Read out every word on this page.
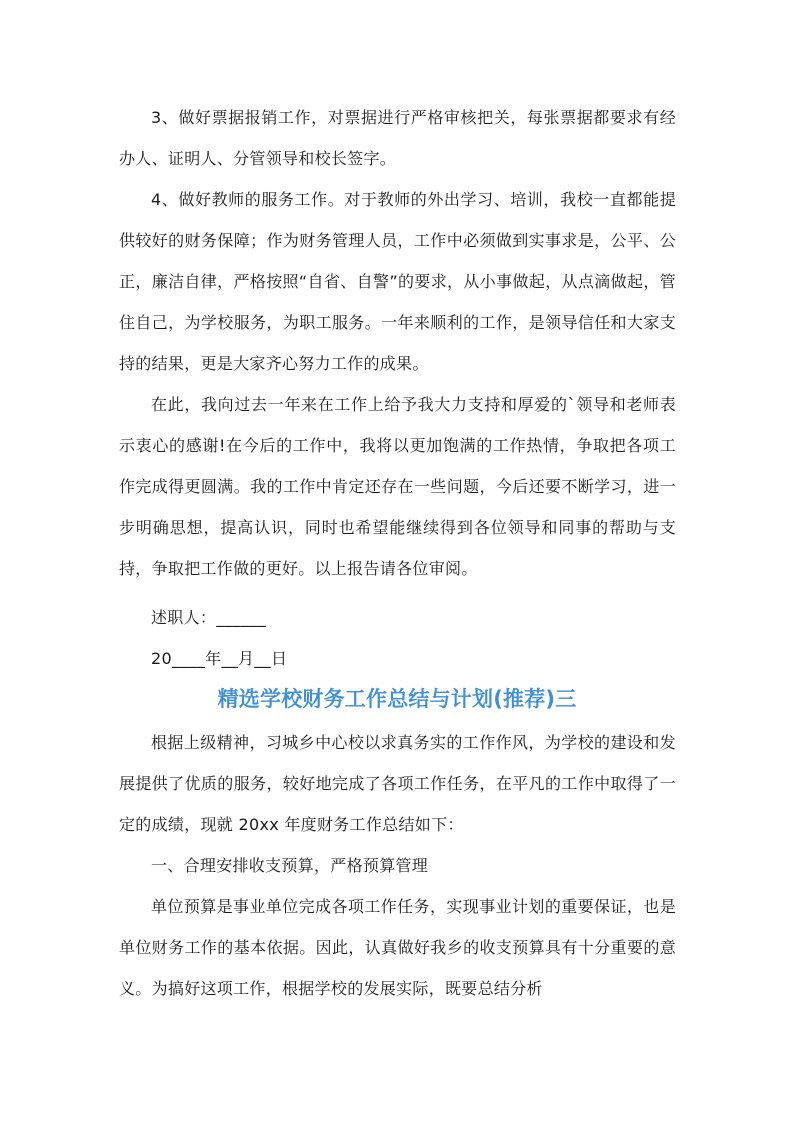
3、做好票据报销工作，对票据进行严格审核把关，每张票据都要求有经办人、证明人、分管领导和校长签字。

4、做好教师的服务工作。对于教师的外出学习、培训，我校一直都能提供较好的财务保障；作为财务管理人员，工作中必须做到实事求是，公平、公正，廉洁自律，严格按照“自省、自警”的要求，从小事做起，从点滴做起，管住自己，为学校服务，为职工服务。一年来顺利的工作，是领导信任和大家支持的结果，更是大家齐心努力工作的成果。

在此，我向过去一年来在工作上给予我大力支持和厚爱的`领导和老师表示衷心的感谢!在今后的工作中，我将以更加饱满的工作热情，争取把各项工作完成得更圆满。我的工作中肯定还存在一些问题，今后还要不断学习，进一步明确思想，提高认识，同时也希望能继续得到各位领导和同事的帮助与支持，争取把工作做的更好。以上报告请各位审阅。

述职人：______

20____年__月__日

精选学校财务工作总结与计划(推荐)三

根据上级精神，习城乡中心校以求真务实的工作作风，为学校的建设和发展提供了优质的服务，较好地完成了各项工作任务，在平凡的工作中取得了一定的成绩，现就 20xx 年度财务工作总结如下：

一、合理安排收支预算，严格预算管理

单位预算是事业单位完成各项工作任务，实现事业计划的重要保证，也是单位财务工作的基本依据。因此，认真做好我乡的收支预算具有十分重要的意义。为搞好这项工作，根据学校的发展实际，既要总结分析
